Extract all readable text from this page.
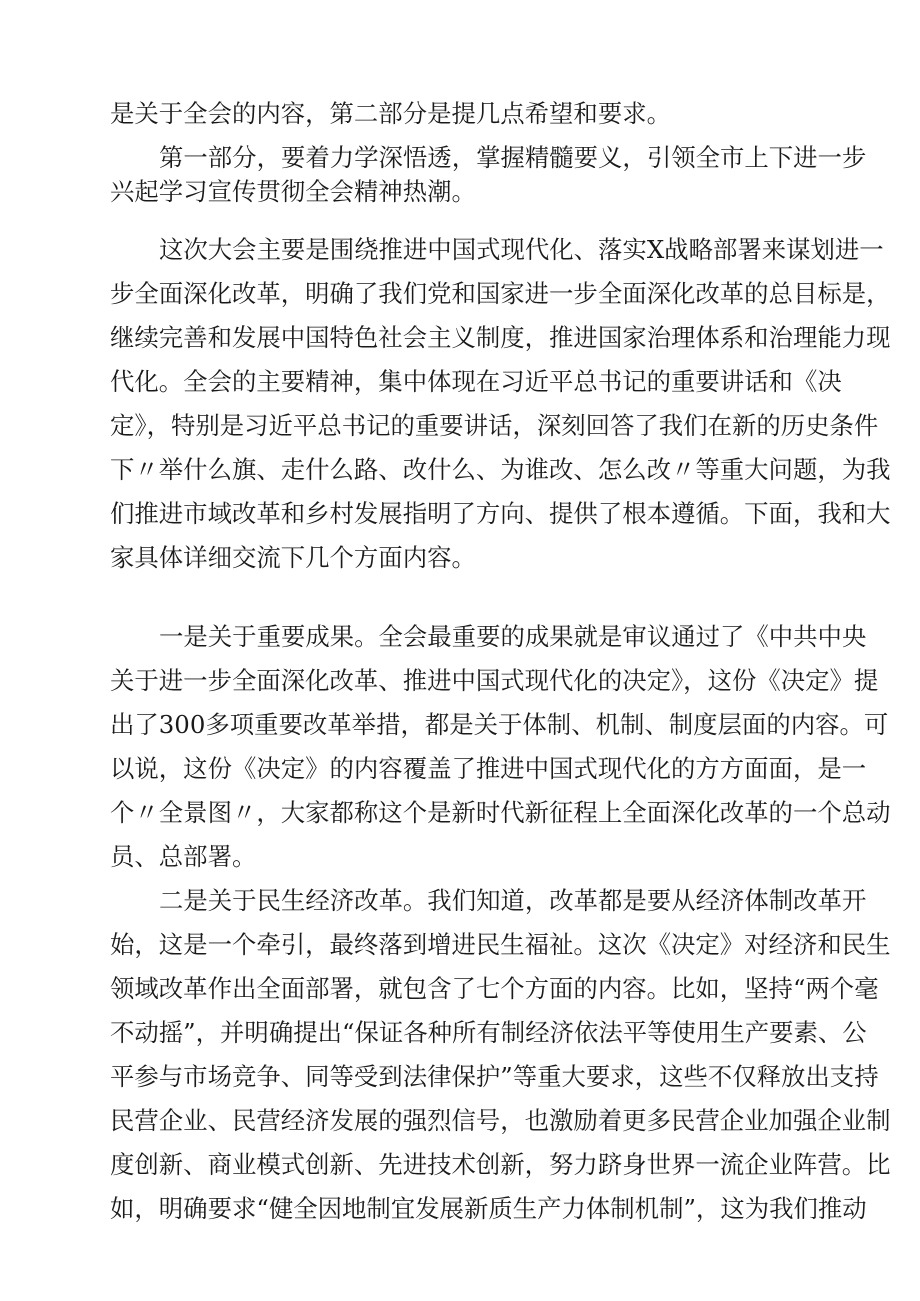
是关于全会的内容，第二部分是提几点希望和要求。
第一部分，要着力学深悟透，掌握精髓要义，引领全市上下进一步
兴起学习宣传贯彻全会精神热潮。
这次大会主要是围绕推进中国式现代化、落实X战略部署来谋划进一
步全面深化改革，明确了我们党和国家进一步全面深化改革的总目标是，
继续完善和发展中国特色社会主义制度，推进国家治理体系和治理能力现
代化。全会的主要精神，集中体现在习近平总书记的重要讲话和《决
定》，特别是习近平总书记的重要讲话，深刻回答了我们在新的历史条件
下〃举什么旗、走什么路、改什么、为谁改、怎么改〃等重大问题，为我
们推进市域改革和乡村发展指明了方向、提供了根本遵循。下面，我和大
家具体详细交流下几个方面内容。
一是关于重要成果。全会最重要的成果就是审议通过了《中共中央
关于进一步全面深化改革、推进中国式现代化的决定》，这份《决定》提
出了300多项重要改革举措，都是关于体制、机制、制度层面的内容。可
以说，这份《决定》的内容覆盖了推进中国式现代化的方方面面，是一
个〃全景图〃，大家都称这个是新时代新征程上全面深化改革的一个总动
员、总部署。
二是关于民生经济改革。我们知道，改革都是要从经济体制改革开
始，这是一个牵引，最终落到增进民生福祉。这次《决定》对经济和民生
领域改革作出全面部署，就包含了七个方面的内容。比如，坚持“两个毫
不动摇”，并明确提出“保证各种所有制经济依法平等使用生产要素、公
平参与市场竞争、同等受到法律保护”等重大要求，这些不仅释放出支持
民营企业、民营经济发展的强烈信号，也激励着更多民营企业加强企业制
度创新、商业模式创新、先进技术创新，努力跻身世界一流企业阵营。比
如，明确要求“健全因地制宜发展新质生产力体制机制”，这为我们推动
